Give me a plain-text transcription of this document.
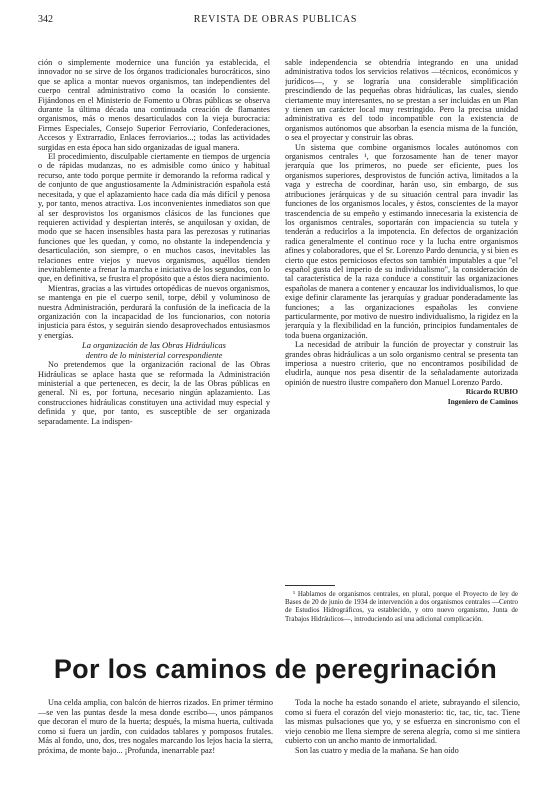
342	REVISTA DE OBRAS PUBLICAS

ción o simplemente modernice una función ya establecida, el innovador no se sirve de los órganos tradicionales burocráticos, sino que se aplica a montar nuevos organismos, tan independientes del cuerpo central administrativo como la ocasión lo consiente. Fijándonos en el Ministerio de Fomento u Obras públicas se observa durante la última década una continuada creación de flamantes organismos, más o menos desarticulados con la vieja burocracia: Firmes Especiales, Consejo Superior Ferroviario, Confederaciones, Accesos y Extrarradio, Enlaces ferroviarios...; todas las actividades surgidas en esta época han sido organizadas de igual manera.

El procedimiento, disculpable ciertamente en tiempos de urgencia o de rápidas mudanzas, no es admisible como único y habitual recurso, ante todo porque permite ir demorando la reforma radical y de conjunto de que angustiosamente la Administración española está necesitada, y que el aplazamiento hace cada día más difícil y penosa y, por tanto, menos atractiva. Los inconvenientes inmediatos son que al ser desprovistos los organismos clásicos de las funciones que requieren actividad y despiertan interés, se anquilosan y oxidan, de modo que se hacen insensibles hasta para las perezosas y rutinarias funciones que les quedan, y como, no obstante la independencia y desarticulación, son siempre, o en muchos casos, inevitables las relaciones entre viejos y nuevos organismos, aquéllos tienden inevitablemente a frenar la marcha e iniciativa de los segundos, con lo que, en definitiva, se frustra el propósito que a éstos diera nacimiento.

Mientras, gracias a las virtudes ortopédicas de nuevos organismos, se mantenga en pie el cuerpo senil, torpe, débil y voluminoso de nuestra Administración, perdurará la confusión de la ineficacia de la organización con la incapacidad de los funcionarios, con notoria injusticia para éstos, y seguirán siendo desaprovechados entusiasmos y energías.

La organización de las Obras Hidráulicas
dentro de lo ministerial correspondiente

No pretendemos que la organización racional de las Obras Hidráulicas se aplace hasta que se reformada la Administración ministerial a que pertenecen, es decir, la de las Obras públicas en general. Ni es, por fortuna, necesario ningún aplazamiento. Las construcciones hidráulicas constituyen una actividad muy especial y definida y que, por tanto, es susceptible de ser organizada separadamente. La indispen-

sable independencia se obtendría integrando en una unidad administrativa todos los servicios relativos —técnicos, económicos y jurídicos—, y se lograría una considerable simplificación prescindiendo de las pequeñas obras hidráulicas, las cuales, siendo ciertamente muy interesantes, no se prestan a ser incluidas en un Plan y tienen un carácter local muy restringido. Pero la precisa unidad administrativa es del todo incompatible con la existencia de organismos autónomos que absorban la esencia misma de la función, o sea el proyectar y construir las obras.

Un sistema que combine organismos locales autónomos con organismos centrales ¹, que forzosamente han de tener mayor jerarquía que los primeros, no puede ser eficiente, pues los organismos superiores, desprovistos de función activa, limitados a la vaga y estrecha de coordinar, harán uso, sin embargo, de sus atribuciones jerárquicas y de su situación central para invadir las funciones de los organismos locales, y éstos, conscientes de la mayor trascendencia de su empeño y estimando innecesaria la existencia de los organismos centrales, soportarán con impaciencia su tutela y tenderán a reducirlos a la impotencia. En defectos de organización radica generalmente el continuo roce y la lucha entre organismos afines y colaboradores, que el Sr. Lorenzo Pardo denuncia, y si bien es cierto que estos perniciosos efectos son también imputables a que "el español gusta del imperio de su individualismo", la consideración de tal característica de la raza conduce a constituir las organizaciones españolas de manera a contener y encauzar los individualismos, lo que exige definir claramente las jerarquías y graduar ponderadamente las funciones; a las organizaciones españolas les conviene particularmente, por motivo de nuestro individualismo, la rigidez en la jerarquía y la flexibilidad en la función, principios fundamentales de toda buena organización.

La necesidad de atribuir la función de proyectar y construir las grandes obras hidráulicas a un solo organismo central se presenta tan imperiosa a nuestro criterio, que no encontramos posibilidad de eludirla, aunque nos pesa disentir de la señaladamente autorizada opinión de nuestro ilustre compañero don Manuel Lorenzo Pardo.

Ricardo RUBIO

Ingeniero de Caminos

¹ Hablamos de organismos centrales, en plural, porque el Proyecto de ley de Bases de 20 de junio de 1934 de intervención a dos organismos centrales —Centro de Estudios Hidrográficos, ya establecido, y otro nuevo organismo, Junta de Trabajos Hidráulicos—, introduciendo así una adicional complicación.

Por los caminos de peregrinación

Una celda amplia, con balcón de hierros rizados. En primer término—se ven las puntas desde la mesa donde escribo—, unos pámpanos que decoran el muro de la huerta; después, la misma huerta, cultivada como si fuera un jardín, con cuidados tablares y pomposos frutales. Más al fondo, uno, dos, tres nogales marcando los lejos hacia la sierra, próxima, de monte bajo... ¡Profunda, inenarrable paz!

Toda la noche ha estado sonando el ariete, subrayando el silencio, como si fuera el corazón del viejo monasterio: tic, tac, tic, tac. Tiene las mismas pulsaciones que yo, y se esfuerza en sincronismo con el viejo cenobio me llena siempre de serena alegría, como si me sintiera cubierto con un ancho manto de inmortalidad.

Son las cuatro y media de la mañana. Se han oído
